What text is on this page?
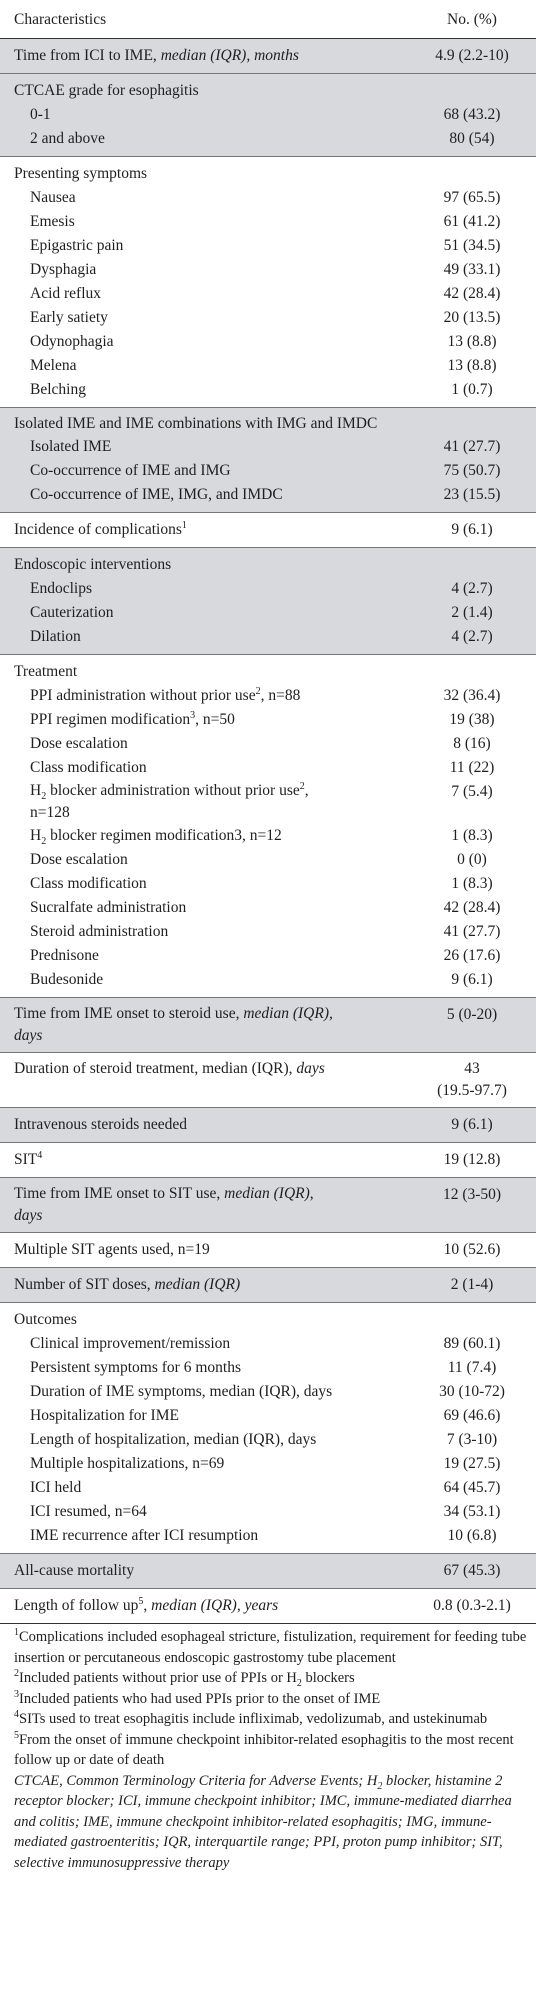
Characteristics	No. (%)
Time from ICI to IME, median (IQR), months	4.9 (2.2-10)
CTCAE grade for esophagitis	

0-1	68 (43.2)

2 and above	80 (54)
Presenting symptoms	

Nausea	97 (65.5)

Emesis	61 (41.2)

Epigastric pain	51 (34.5)

Dysphagia	49 (33.1)

Acid reflux	42 (28.4)

Early satiety	20 (13.5)

Odynophagia	13 (8.8)

Melena	13 (8.8)

Belching	1 (0.7)
Isolated IME and IME combinations with IMG and IMDC	

Isolated IME	41 (27.7)

Co-occurrence of IME and IMG	75 (50.7)

Co-occurrence of IME, IMG, and IMDC	23 (15.5)
Incidence of complications$^1$	9 (6.1)
Endoscopic interventions	

Endoclips	4 (2.7)

Cauterization	2 (1.4)

Dilation	4 (2.7)
Treatment	

PPI administration without prior use$^2$, n=88	32 (36.4)

PPI regimen modification$^3$, n=50	19 (38)

Dose escalation	8 (16)

Class modification	11 (22)

$H_2$ blocker administration without prior use$^2$,
n=128	7 (5.4)

$H_2$ blocker regimen modification3, n=12	1 (8.3)

Dose escalation	0 (0)

Class modification	1 (8.3)

Sucralfate administration	42 (28.4)

Steroid administration	41 (27.7)

Prednisone	26 (17.6)

Budesonide	9 (6.1)
Time from IME onset to steroid use, median (IQR),
days	5 (0-20)
Duration of steroid treatment, median (IQR), days	43
(19.5-97.7)
Intravenous steroids needed	9 (6.1)
SIT$^4$	19 (12.8)
Time from IME onset to SIT use, median (IQR),
days	12 (3-50)
Multiple SIT agents used, n=19	10 (52.6)
Number of SIT doses, median (IQR)	2 (1-4)
Outcomes	

Clinical improvement/remission	89 (60.1)

Persistent symptoms for 6 months	11 (7.4)

Duration of IME symptoms, median (IQR), days	30 (10-72)

Hospitalization for IME	69 (46.6)

Length of hospitalization, median (IQR), days	7 (3-10)

Multiple hospitalizations, n=69	19 (27.5)

ICI held	64 (45.7)

ICI resumed, n=64	34 (53.1)

IME recurrence after ICI resumption	10 (6.8)
All-cause mortality	67 (45.3)
Length of follow $up^5$, median (IQR), years	0.8 (0.3-2.1)

$^1$Complications included esophageal stricture, fistulization, requirement for feeding tube insertion or percutaneous endoscopic gastrostomy tube placement

$^2$Included patients without prior use of PPIs or $H_2$ blockers

$^3$Included patients who had used PPIs prior to the onset of IME

$^4$SITs used to treat esophagitis include infliximab, vedolizumab, and ustekinumab

$^5$From the onset of immune checkpoint inhibitor-related esophagitis to the most recent follow up or date of death

CTCAE, Common Terminology Criteria for Adverse Events; $H_2$ blocker, histamine 2 receptor blocker; ICI, immune checkpoint inhibitor; IMC, immune-mediated diarrhea and colitis; IME, immune checkpoint inhibitor-related esophagitis; IMG, immune-mediated gastroenteritis; IQR, interquartile range; PPI, proton pump inhibitor; SIT, selective immunosuppressive therapy
